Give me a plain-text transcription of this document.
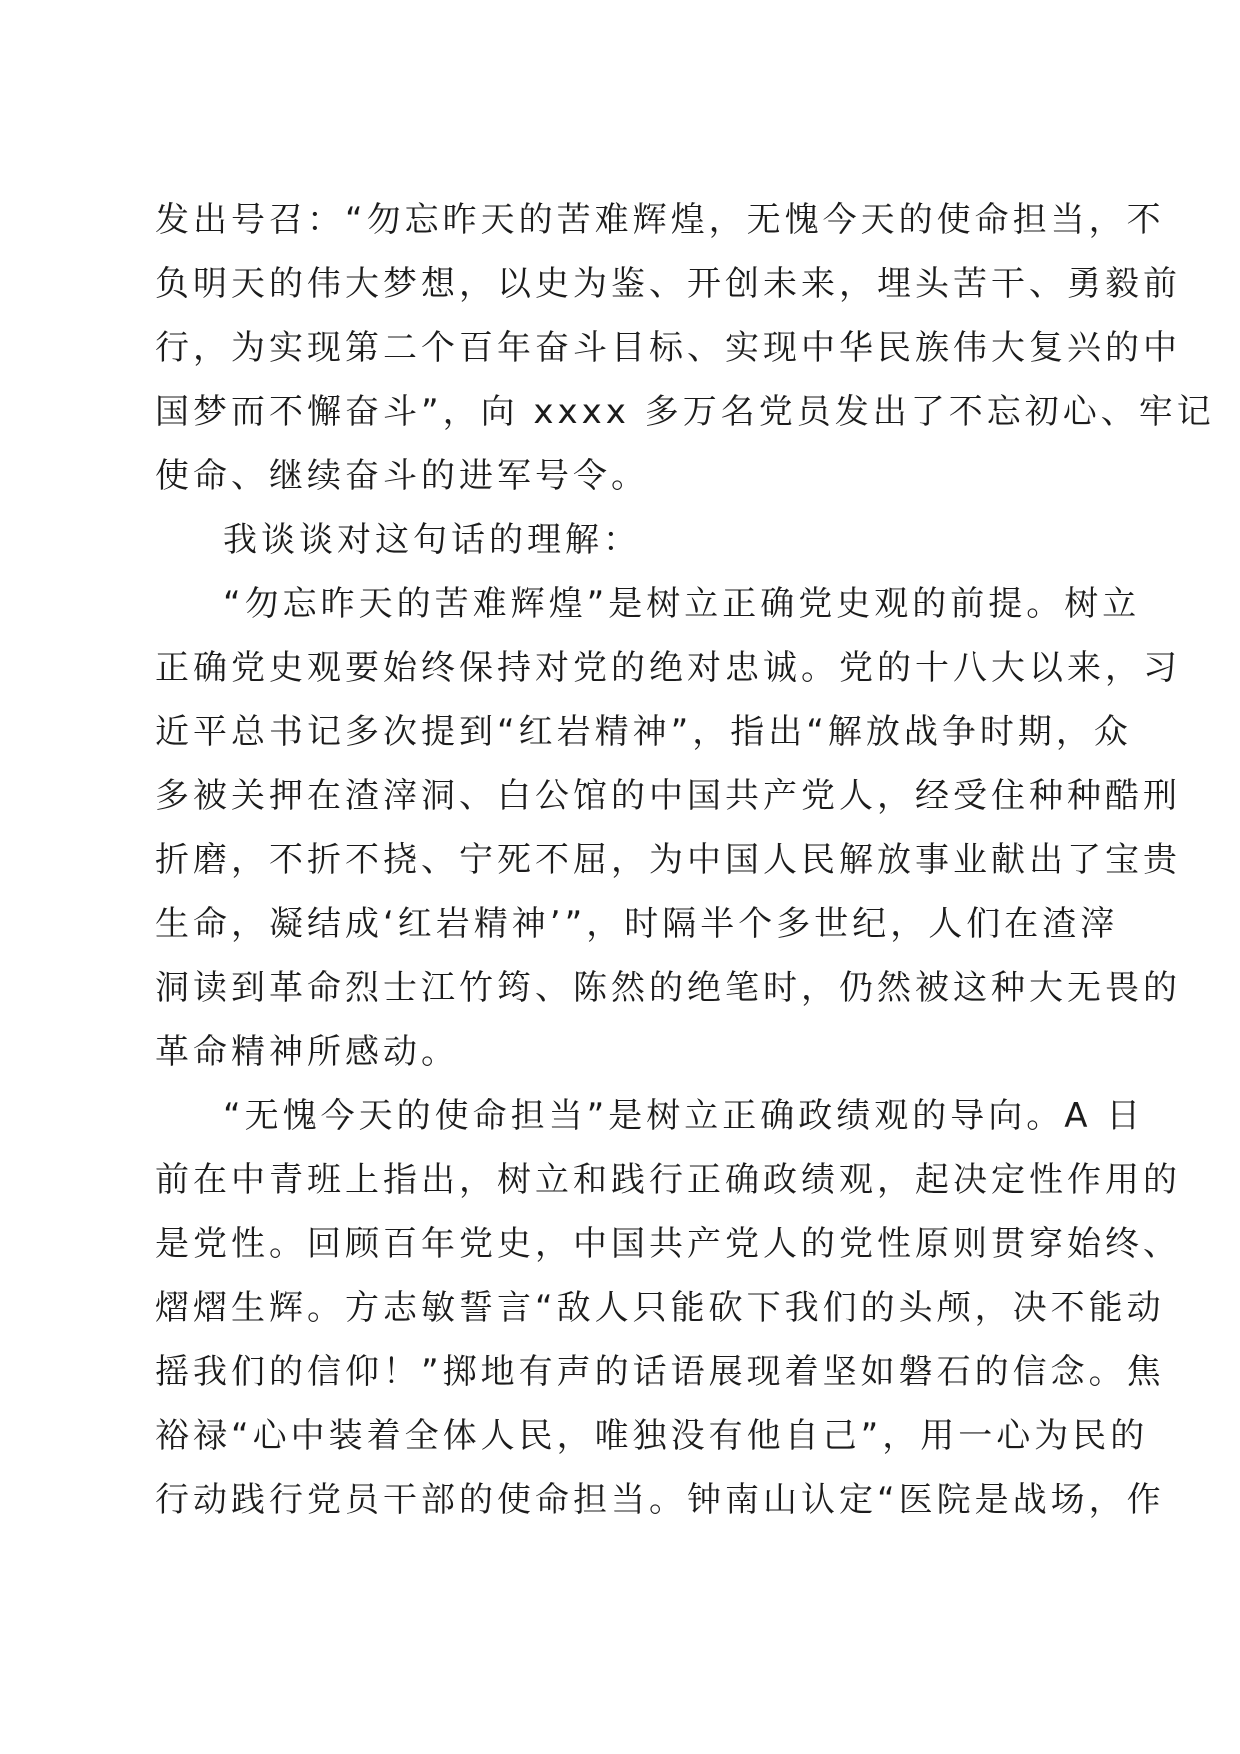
发出号召：“勿忘昨天的苦难辉煌，无愧今天的使命担当，不
负明天的伟大梦想，以史为鉴、开创未来，埋头苦干、勇毅前
行，为实现第二个百年奋斗目标、实现中华民族伟大复兴的中
国梦而不懈奋斗”，向 xxxx 多万名党员发出了不忘初心、牢记
使命、继续奋斗的进军号令。
我谈谈对这句话的理解：
“勿忘昨天的苦难辉煌”是树立正确党史观的前提。树立
正确党史观要始终保持对党的绝对忠诚。党的十八大以来，习
近平总书记多次提到“红岩精神”，指出“解放战争时期，众
多被关押在渣滓洞、白公馆的中国共产党人，经受住种种酷刑
折磨，不折不挠、宁死不屈，为中国人民解放事业献出了宝贵
生命，凝结成‘红岩精神’”，时隔半个多世纪，人们在渣滓
洞读到革命烈士江竹筠、陈然的绝笔时，仍然被这种大无畏的
革命精神所感动。
“无愧今天的使命担当”是树立正确政绩观的导向。A 日
前在中青班上指出，树立和践行正确政绩观，起决定性作用的
是党性。回顾百年党史，中国共产党人的党性原则贯穿始终、
熠熠生辉。方志敏誓言“敌人只能砍下我们的头颅，决不能动
摇我们的信仰！”掷地有声的话语展现着坚如磐石的信念。焦
裕禄“心中装着全体人民，唯独没有他自己”，用一心为民的
行动践行党员干部的使命担当。钟南山认定“医院是战场，作
